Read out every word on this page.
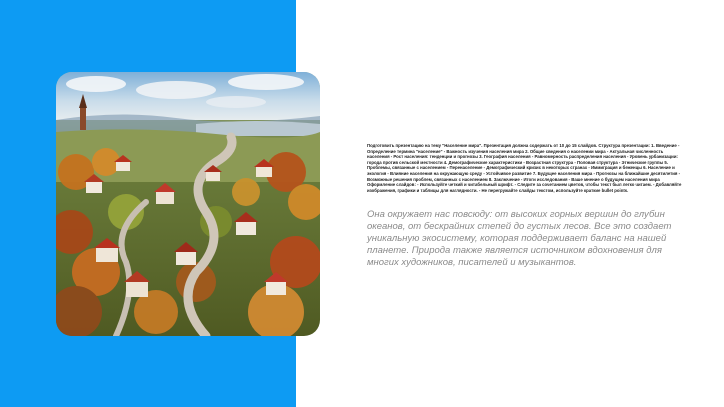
Подготовить презентацию на тему "Население мира". Презентация должна содержать от 10 до 15 слайдов. Структура презентации: 1. Введение - Определение термина "население" - Важность изучения населения мира 2. Общие сведения о населении мира - Актуальная численность населения - Рост населения: тенденции и прогнозы 3. География населения - Равномерность распределения населения - Уровень урбанизации: города против сельской местности 4. Демографические характеристики - Возрастная структура - Половая структура - Этнические группы 5. Проблемы, связанные с населением - Перенаселение - Демографический кризис в некоторых странах - Иммиграция и беженцы 6. Население и экология - Влияние населения на окружающую среду - Устойчивое развитие 7. Будущее населения мира - Прогнозы на ближайшие десятилетия - Возможные решения проблем, связанных с населением 8. Заключение - Итоги исследования - Ваше мнение о будущем населения мира Оформление слайдов: - Используйте четкий и читабельный шрифт. - Следите за сочетанием цветов, чтобы текст был легко читаем. - Добавляйте изображения, графики и таблицы для наглядности. - Не перегружайте слайды текстом, используйте краткие bullet points.

Она окружает нас повсюду: от высоких горных вершин до глубин океанов, от бескрайних степей до густых лесов. Все это создает уникальную экосистему, которая поддерживает баланс на нашей планете. Природа также является источником вдохновения для многих художников, писателей и музыкантов.
